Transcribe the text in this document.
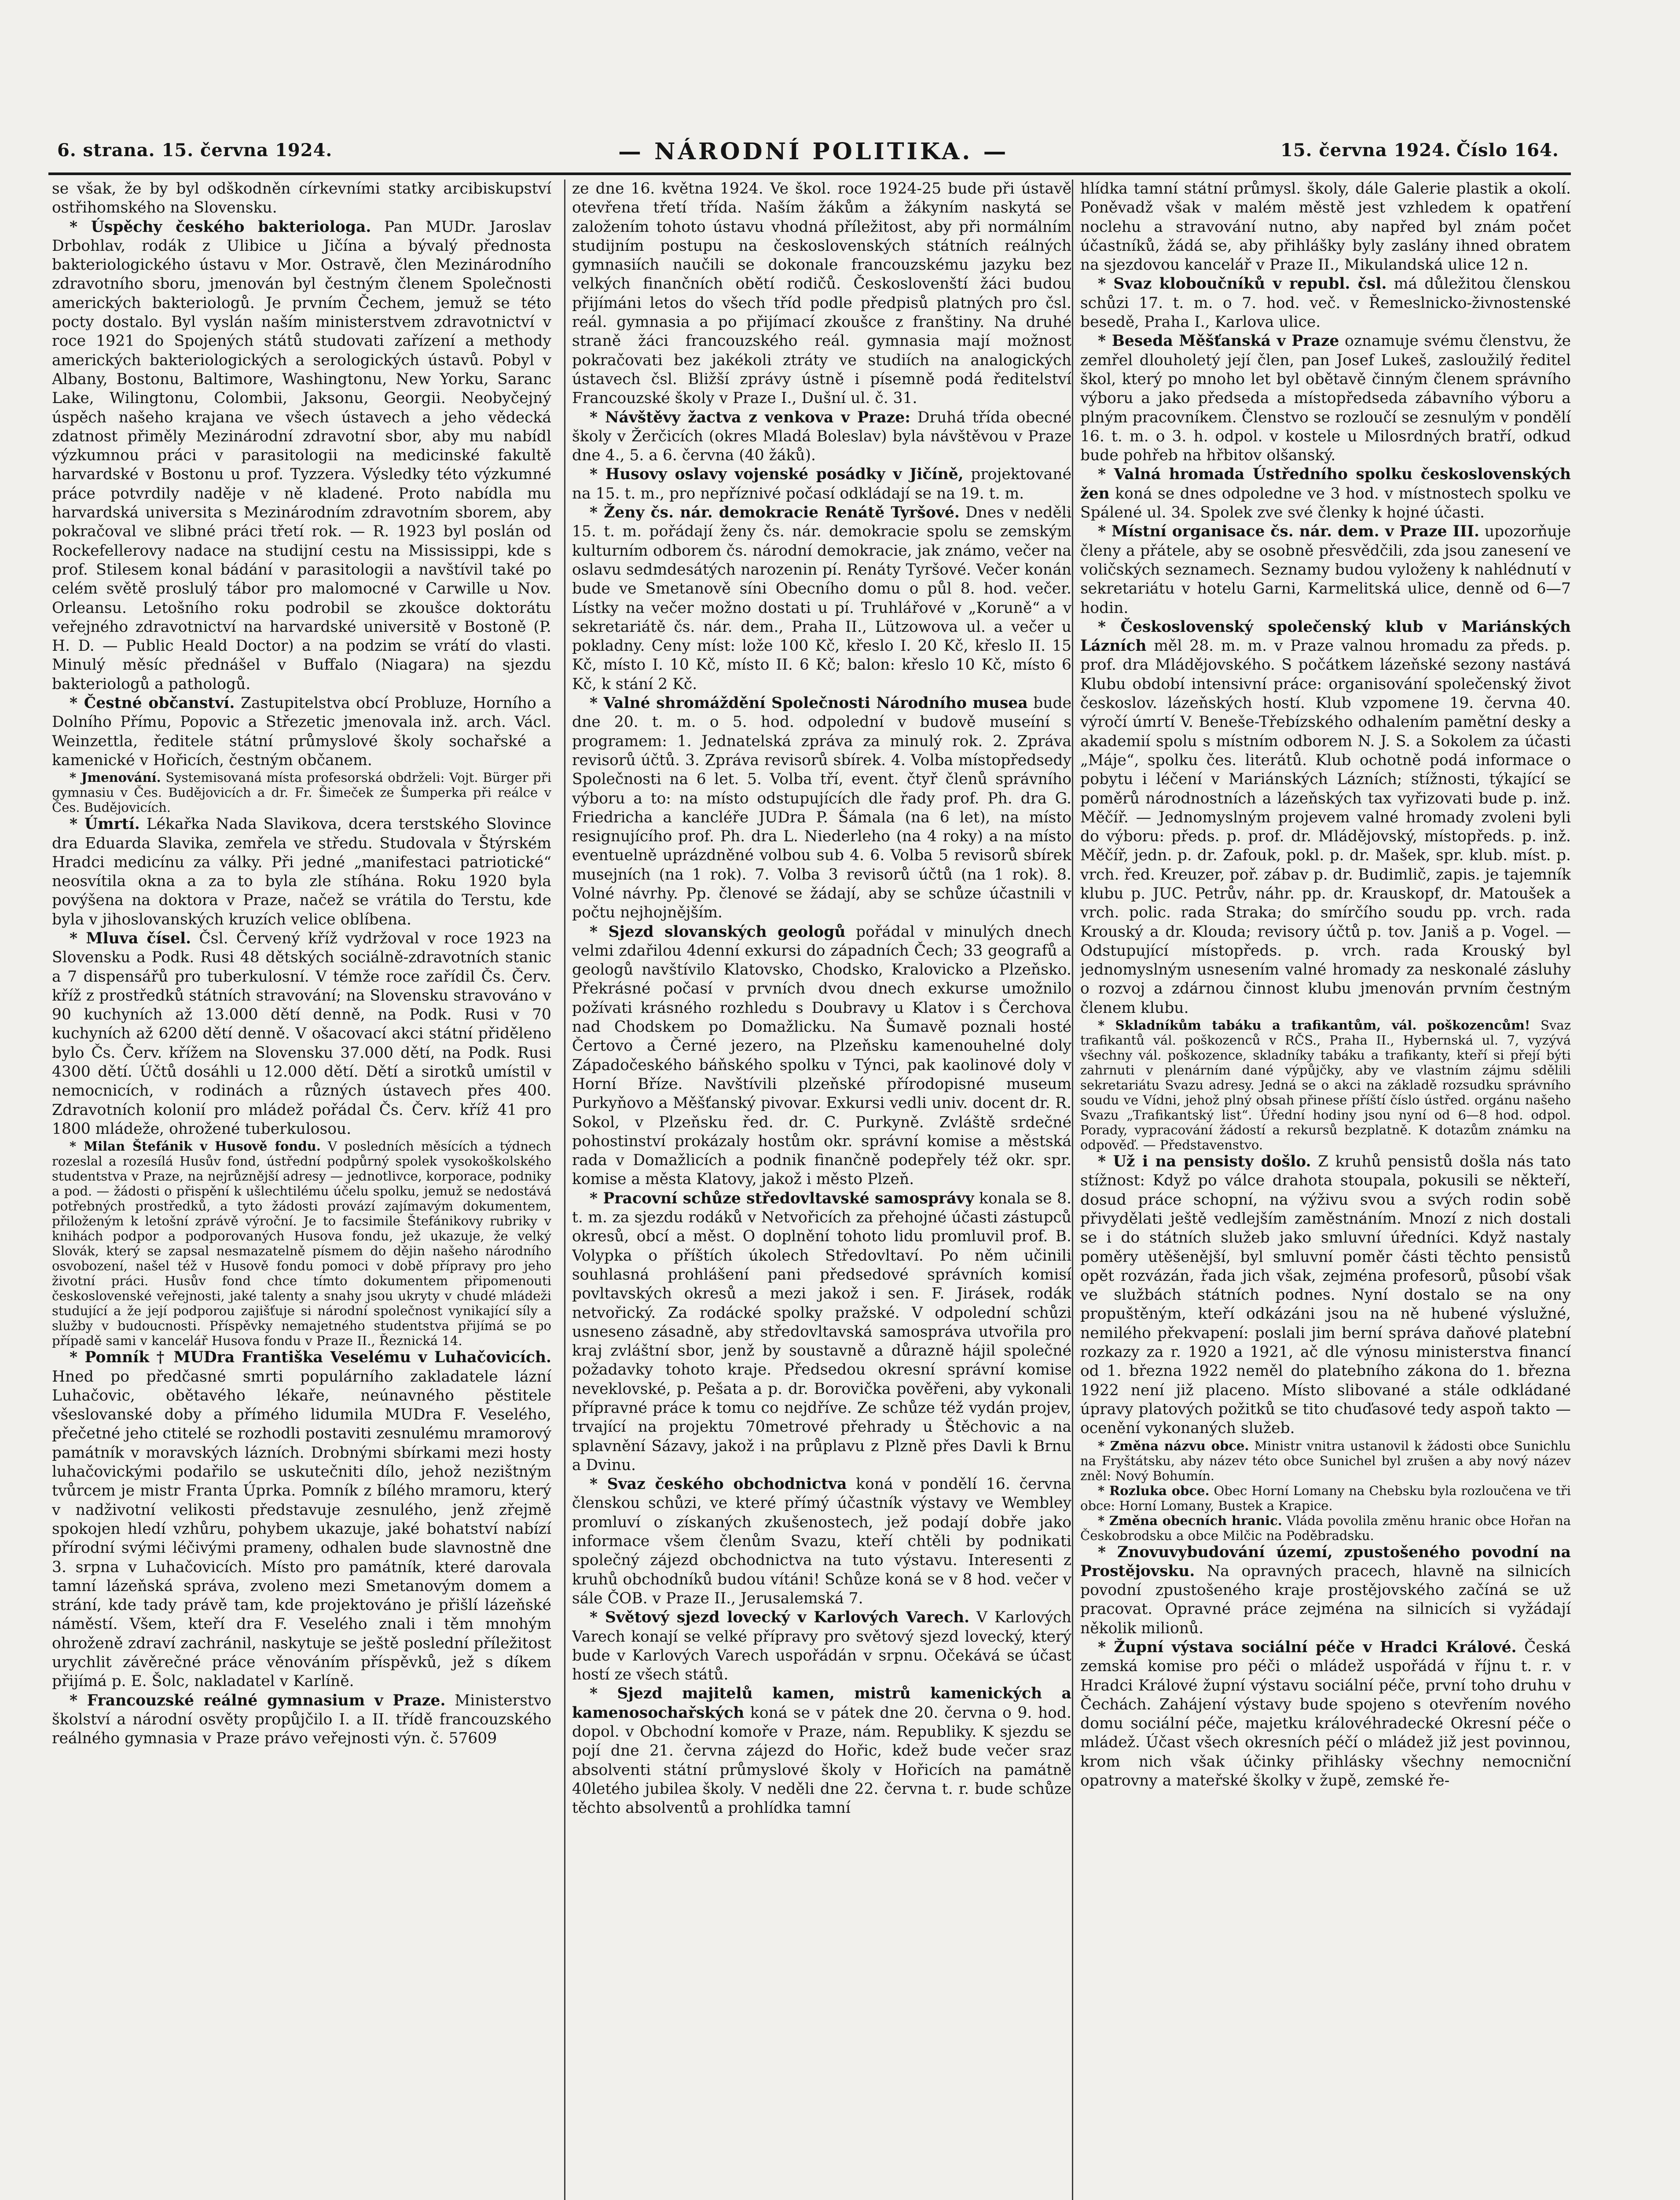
6. strana. 15. června 1924.	— NÁRODNÍ POLITIKA. —	15. června 1924. Číslo 164.

se však, že by byl odškodněn církevními statky arcibiskupství ostřihomského na Slovensku.

* Úspěchy českého bakteriologa. Pan MUDr. Jaroslav Drbohlav, rodák z Ulibice u Jičína a bývalý přednosta bakteriologického ústavu v Mor. Ostravě, člen Mezinárodního zdravotního sboru, jmenován byl čestným členem Společnosti amerických bakteriologů. Je prvním Čechem, jemuž se této pocty dostalo. Byl vyslán naším ministerstvem zdravotnictví v roce 1921 do Spojených států studovati zařízení a methody amerických bakteriologických a serologických ústavů. Pobyl v Albany, Bostonu, Baltimore, Washingtonu, New Yorku, Saranc Lake, Wilingtonu, Colombii, Jaksonu, Georgii. Neobyčejný úspěch našeho krajana ve všech ústavech a jeho vědecká zdatnost přiměly Mezinárodní zdravotní sbor, aby mu nabídl výzkumnou práci v parasitologii na medicinské fakultě harvardské v Bostonu u prof. Tyzzera. Výsledky této výzkumné práce potvrdily naděje v ně kladené. Proto nabídla mu harvardská universita s Mezinárodním zdravotním sborem, aby pokračoval ve slibné práci třetí rok. — R. 1923 byl poslán od Rockefellerovy nadace na studijní cestu na Mississippi, kde s prof. Stilesem konal bádání v parasitologii a navštívil také po celém světě proslulý tábor pro malomocné v Carwille u Nov. Orleansu. Letošního roku podrobil se zkoušce doktorátu veřejného zdravotnictví na harvardské universitě v Bostoně (P. H. D. — Public Heald Doctor) a na podzim se vrátí do vlasti. Minulý měsíc přednášel v Buffalo (Niagara) na sjezdu bakteriologů a pathologů.

* Čestné občanství. Zastupitelstva obcí Probluze, Horního a Dolního Přímu, Popovic a Střezetic jmenovala inž. arch. Václ. Weinzettla, ředitele státní průmyslové školy sochařské a kamenické v Hořicích, čestným občanem.

* Jmenování. Systemisovaná místa profesorská obdrželi: Vojt. Bürger při gymnasiu v Čes. Budějovicích a dr. Fr. Šimeček ze Šumperka při reálce v Čes. Budějovicích.

* Úmrtí. Lékařka Nada Slavikova, dcera terstského Slovince dra Eduarda Slavika, zemřela ve středu. Studovala v Štýrském Hradci medicínu za války. Při jedné „manifestaci patriotické“ neosvítila okna a za to byla zle stíhána. Roku 1920 byla povýšena na doktora v Praze, načež se vrátila do Terstu, kde byla v jihoslovanských kruzích velice oblíbena.

* Mluva čísel. Čsl. Červený kříž vydržoval v roce 1923 na Slovensku a Podk. Rusi 48 dětských sociálně-zdravotních stanic a 7 dispensářů pro tuberkulosní. V témže roce zařídil Čs. Červ. kříž z prostředků státních stravování; na Slovensku stravováno v 90 kuchyních až 13.000 dětí denně, na Podk. Rusi v 70 kuchyních až 6200 dětí denně. V ošacovací akci státní přiděleno bylo Čs. Červ. křížem na Slovensku 37.000 dětí, na Podk. Rusi 4300 dětí. Účtů dosáhli u 12.000 dětí. Dětí a sirotků umístil v nemocnicích, v rodinách a různých ústavech přes 400. Zdravotních kolonií pro mládež pořádal Čs. Červ. kříž 41 pro 1800 mládeže, ohrožené tuberkulosou.

* Milan Štefánik v Husově fondu. V posledních měsících a týdnech rozeslal a rozesílá Husův fond, ústřední podpůrný spolek vysokoškolského studentstva v Praze, na nejrůznější adresy — jednotlivce, korporace, podniky a pod. — žádosti o přispění k ušlechtilému účelu spolku, jemuž se nedostává potřebných prostředků, a tyto žádosti provází zajímavým dokumentem, přiloženým k letošní zprávě výroční. Je to facsimile Štefánikovy rubriky v knihách podpor a podporovaných Husova fondu, jež ukazuje, že velký Slovák, který se zapsal nesmazatelně písmem do dějin našeho národního osvobození, našel též v Husově fondu pomoci v době přípravy pro jeho životní práci. Husův fond chce tímto dokumentem připomenouti československé veřejnosti, jaké talenty a snahy jsou ukryty v chudé mládeži studující a že její podporou zajišťuje si národní společnost vynikající síly a služby v budoucnosti. Příspěvky nemajetného studentstva přijímá se po případě sami v kancelář Husova fondu v Praze II., Řeznická 14.

* Pomník † MUDra Františka Veselému v Luhačovicích. Hned po předčasné smrti populárního zakladatele lázní Luhačovic, obětavého lékaře, neúnavného pěstitele všeslovanské doby a přímého lidumila MUDra F. Veselého, přečetné jeho ctitelé se rozhodli postaviti zesnulému mramorový památník v moravských lázních. Drobnými sbírkami mezi hosty luhačovickými podařilo se uskutečniti dílo, jehož nezištným tvůrcem je mistr Franta Úprka. Pomník z bílého mramoru, který v nadživotní velikosti představuje zesnulého, jenž zřejmě spokojen hledí vzhůru, pohybem ukazuje, jaké bohatství nabízí přírodní svými léčivými prameny, odhalen bude slavnostně dne 3. srpna v Luhačovicích. Místo pro památník, které darovala tamní lázeňská správa, zvoleno mezi Smetanovým domem a strání, kde tady právě tam, kde projektováno je přišlí lázeňské náměstí. Všem, kteří dra F. Veselého znali i těm mnohým ohroženě zdraví zachránil, naskytuje se ještě poslední příležitost urychlit závěrečné práce věnováním příspěvků, jež s díkem přijímá p. E. Šolc, nakladatel v Karlíně.

* Francouzské reálné gymnasium v Praze. Ministerstvo školství a národní osvěty propůjčilo I. a II. třídě francouzského reálného gymnasia v Praze právo veřejnosti výn. č. 57609

ze dne 16. května 1924. Ve škol. roce 1924-25 bude při ústavě otevřena třetí třída. Naším žákům a žákyním naskytá se založením tohoto ústavu vhodná příležitost, aby při normálním studijním postupu na československých státních reálných gymnasiích naučili se dokonale francouzskému jazyku bez velkých finančních obětí rodičů. Českoslovenští žáci budou přijímáni letos do všech tříd podle předpisů platných pro čsl. reál. gymnasia a po přijímací zkoušce z franštiny. Na druhé straně žáci francouzského reál. gymnasia mají možnost pokračovati bez jakékoli ztráty ve studiích na analogických ústavech čsl. Bližší zprávy ústně i písemně podá ředitelství Francouzské školy v Praze I., Dušní ul. č. 31.

* Návštěvy žactva z venkova v Praze: Druhá třída obecné školy v Žerčicích (okres Mladá Boleslav) byla návštěvou v Praze dne 4., 5. a 6. června (40 žáků).

* Husovy oslavy vojenské posádky v Jičíně, projektované na 15. t. m., pro nepříznivé počasí odkládají se na 19. t. m.

* Ženy čs. nár. demokracie Renátě Tyršové. Dnes v neděli 15. t. m. pořádají ženy čs. nár. demokracie spolu se zemským kulturním odborem čs. národní demokracie, jak známo, večer na oslavu sedmdesátých narozenin pí. Renáty Tyršové. Večer konán bude ve Smetanově síni Obecního domu o půl 8. hod. večer. Lístky na večer možno dostati u pí. Truhlářové v „Koruně“ a v sekretariátě čs. nár. dem., Praha II., Lützowova ul. a večer u pokladny. Ceny míst: lože 100 Kč, křeslo I. 20 Kč, křeslo II. 15 Kč, místo I. 10 Kč, místo II. 6 Kč; balon: křeslo 10 Kč, místo 6 Kč, k stání 2 Kč.

* Valné shromáždění Společnosti Národního musea bude dne 20. t. m. o 5. hod. odpolední v budově museíní s programem: 1. Jednatelská zpráva za minulý rok. 2. Zpráva revisorů účtů. 3. Zpráva revisorů sbírek. 4. Volba místopředsedy Společnosti na 6 let. 5. Volba tří, event. čtyř členů správního výboru a to: na místo odstupujících dle řady prof. Ph. dra G. Friedricha a kancléře JUDra P. Šámala (na 6 let), na místo resignujícího prof. Ph. dra L. Niederleho (na 4 roky) a na místo eventuelně uprázdněné volbou sub 4. 6. Volba 5 revisorů sbírek musejních (na 1 rok). 7. Volba 3 revisorů účtů (na 1 rok). 8. Volné návrhy. Pp. členové se žádají, aby se schůze účastnili v počtu nejhojnějším.

* Sjezd slovanských geologů pořádal v minulých dnech velmi zdařilou 4denní exkursi do západních Čech; 33 geografů a geologů navštívilo Klatovsko, Chodsko, Kralovicko a Plzeňsko. Překrásné počasí v prvních dvou dnech exkurse umožnilo požívati krásného rozhledu s Doubravy u Klatov i s Čerchova nad Chodskem po Domažlicku. Na Šumavě poznali hosté Čertovo a Černé jezero, na Plzeňsku kamenouhelné doly Západočeského báňského spolku v Týnci, pak kaolinové doly v Horní Bříze. Navštívili plzeňské přírodopisné museum Purkyňovo a Měšťanský pivovar. Exkursi vedli univ. docent dr. R. Sokol, v Plzeňsku řed. dr. C. Purkyně. Zvláště srdečné pohostinství prokázaly hostům okr. správní komise a městská rada v Domažlicích a podnik finančně podepřely též okr. spr. komise a města Klatovy, jakož i město Plzeň.

* Pracovní schůze středovltavské samosprávy konala se 8. t. m. za sjezdu rodáků v Netvořicích za přehojné účasti zástupců okresů, obcí a měst. O doplnění tohoto lidu promluvil prof. B. Volypka o příštích úkolech Středovltaví. Po něm učinili souhlasná prohlášení pani předsedové správních komisí povltavských okresů a mezi jakož i sen. F. Jirásek, rodák netvořický. Za rodácké spolky pražské. V odpolední schůzi usneseno zásadně, aby středovltavská samospráva utvořila pro kraj zvláštní sbor, jenž by soustavně a důrazně hájil společné požadavky tohoto kraje. Předsedou okresní správní komise neveklovské, p. Pešata a p. dr. Borovička pověřeni, aby vykonali přípravné práce k tomu co nejdříve. Ze schůze též vydán projev, trvající na projektu 70metrové přehrady u Štěchovic a na splavnění Sázavy, jakož i na průplavu z Plzně přes Davli k Brnu a Dvinu.

* Svaz českého obchodnictva koná v pondělí 16. června členskou schůzi, ve které přímý účastník výstavy ve Wembley promluví o získaných zkušenostech, jež podají dobře jako informace všem členům Svazu, kteří chtěli by podnikati společný zájezd obchodnictva na tuto výstavu. Interesenti z kruhů obchodníků budou vítáni! Schůze koná se v 8 hod. večer v sále ČOB. v Praze II., Jerusalemská 7.

* Světový sjezd lovecký v Karlových Varech. V Karlových Varech konají se velké přípravy pro světový sjezd lovecký, který bude v Karlových Varech uspořádán v srpnu. Očekává se účast hostí ze všech států.

* Sjezd majitelů kamen, mistrů kamenických a kamenosochařských koná se v pátek dne 20. června o 9. hod. dopol. v Obchodní komoře v Praze, nám. Republiky. K sjezdu se pojí dne 21. června zájezd do Hořic, kdež bude večer sraz absolventi státní průmyslové školy v Hořicích na památně 40letého jubilea školy. V neděli dne 22. června t. r. bude schůze těchto absolventů a prohlídka tamní

hlídka tamní státní průmysl. školy, dále Galerie plastik a okolí. Poněvadž však v malém městě jest vzhledem k opatření noclehu a stravování nutno, aby napřed byl znám počet účastníků, žádá se, aby přihlášky byly zaslány ihned obratem na sjezdovou kancelář v Praze II., Mikulandská ulice 12 n.

* Svaz kloboučníků v republ. čsl. má důležitou členskou schůzi 17. t. m. o 7. hod. več. v Řemeslnicko-živnostenské besedě, Praha I., Karlova ulice.

* Beseda Měšťanská v Praze oznamuje svému členstvu, že zemřel dlouholetý její člen, pan Josef Lukeš, zasloužilý ředitel škol, který po mnoho let byl obětavě činným členem správního výboru a jako předseda a místopředseda zábavního výboru a plným pracovníkem. Členstvo se rozloučí se zesnulým v pondělí 16. t. m. o 3. h. odpol. v kostele u Milosrdných bratří, odkud bude pohřeb na hřbitov olšanský.

* Valná hromada Ústředního spolku československých žen koná se dnes odpoledne ve 3 hod. v místnostech spolku ve Spálené ul. 34. Spolek zve své členky k hojné účasti.

* Místní organisace čs. nár. dem. v Praze III. upozorňuje členy a přátele, aby se osobně přesvědčili, zda jsou zanesení ve voličských seznamech. Seznamy budou vyloženy k nahlédnutí v sekretariátu v hotelu Garni, Karmelitská ulice, denně od 6—7 hodin.

* Československý společenský klub v Mariánských Lázních měl 28. m. m. v Praze valnou hromadu za předs. p. prof. dra Mládějovského. S počátkem lázeňské sezony nastává Klubu období intensivní práce: organisování společenský život českoslov. lázeňských hostí. Klub vzpomene 19. června 40. výročí úmrtí V. Beneše-Třebízského odhalením pamětní desky a akademií spolu s místním odborem N. J. S. a Sokolem za účasti „Máje“, spolku čes. literátů. Klub ochotně podá informace o pobytu i léčení v Mariánských Lázních; stížnosti, týkající se poměrů národnostních a lázeňských tax vyřizovati bude p. inž. Měčíř. — Jednomyslným projevem valné hromady zvoleni byli do výboru: předs. p. prof. dr. Mládějovský, místopředs. p. inž. Měčíř, jedn. p. dr. Zafouk, pokl. p. dr. Mašek, spr. klub. míst. p. vrch. řed. Kreuzer, poř. zábav p. dr. Budimlič, zapis. je tajemník klubu p. JUC. Petrův, náhr. pp. dr. Krauskopf, dr. Matoušek a vrch. polic. rada Straka; do smírčího soudu pp. vrch. rada Krouský a dr. Klouda; revisory účtů p. tov. Janiš a p. Vogel. — Odstupující místopředs. p. vrch. rada Krouský byl jednomyslným usnesením valné hromady za neskonalé zásluhy o rozvoj a zdárnou činnost klubu jmenován prvním čestným členem klubu.

* Skladníkům tabáku a trafikantům, vál. poškozencům! Svaz trafikantů vál. poškozenců v RČS., Praha II., Hybernská ul. 7, vyzývá všechny vál. poškozence, skladníky tabáku a trafikanty, kteří si přejí býti zahrnuti v plenárním dané výpůjčky, aby ve vlastním zájmu sdělili sekretariátu Svazu adresy. Jedná se o akci na základě rozsudku správního soudu ve Vídni, jehož plný obsah přinese příští číslo ústřed. orgánu našeho Svazu „Trafikantský list“. Úřední hodiny jsou nyní od 6—8 hod. odpol. Porady, vypracování žádostí a rekursů bezplatně. K dotazům známku na odpověď. — Představenstvo.

* Už i na pensisty došlo. Z kruhů pensistů došla nás tato stížnost: Když po válce drahota stoupala, pokusili se někteří, dosud práce schopní, na výživu svou a svých rodin sobě přivydělati ještě vedlejším zaměstnáním. Mnozí z nich dostali se i do státních služeb jako smluvní úředníci. Když nastaly poměry utěšenější, byl smluvní poměr části těchto pensistů opět rozvázán, řada jich však, zejména profesorů, působí však ve službách státních podnes. Nyní dostalo se na ony propuštěným, kteří odkázáni jsou na ně hubené výslužné, nemilého překvapení: poslali jim berní správa daňové platební rozkazy za r. 1920 a 1921, ač dle výnosu ministerstva financí od 1. března 1922 neměl do platebního zákona do 1. března 1922 není již placeno. Místo slibované a stále odkládané úpravy platových požitků se tito chuďasové tedy aspoň takto — ocenění vykonaných služeb.

* Změna názvu obce. Ministr vnitra ustanovil k žádosti obce Sunichlu na Fryštátsku, aby název této obce Sunichel byl zrušen a aby nový název zněl: Nový Bohumín.

* Rozluka obce. Obec Horní Lomany na Chebsku byla rozloučena ve tři obce: Horní Lomany, Bustek a Krapice.

* Změna obecních hranic. Vláda povolila změnu hranic obce Hořan na Českobrodsku a obce Milčic na Poděbradsku.

* Znovuvybudování území, zpustošeného povodní na Prostějovsku. Na opravných pracech, hlavně na silnicích povodní zpustošeného kraje prostějovského začíná se už pracovat. Opravné práce zejména na silnicích si vyžádají několik milionů.

* Župní výstava sociální péče v Hradci Králové. Česká zemská komise pro péči o mládež uspořádá v říjnu t. r. v Hradci Králové župní výstavu sociální péče, první toho druhu v Čechách. Zahájení výstavy bude spojeno s otevřením nového domu sociální péče, majetku královéhradecké Okresní péče o mládež. Účast všech okresních péčí o mládež již jest povinnou, krom nich však účinky přihlásky všechny nemocniční opatrovny a mateřské školky v župě, zemské ře-
